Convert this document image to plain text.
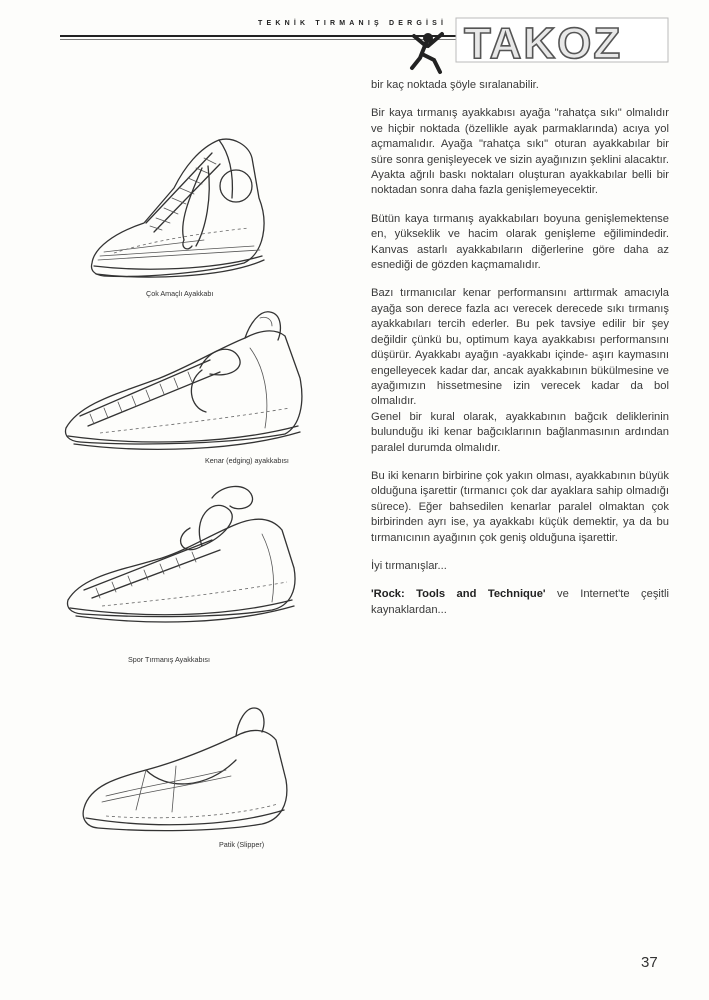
TEKNİK TIRMANIŞ DERGİSİ TAKOZ
Çok Amaçlı Ayakkabı
Kenar (edging) ayakkabısı
Spor Tırmanış Ayakkabısı
Patik (Slipper)

bir kaç noktada şöyle sıralanabilir.

Bir kaya tırmanış ayakkabısı ayağa "rahatça sıkı" olmalıdır ve hiçbir noktada (özellikle ayak parmaklarında) acıya yol açmamalıdır. Ayağa "rahatça sıkı" oturan ayakkabılar bir süre sonra genişleyecek ve sizin ayağınızın şeklini alacaktır. Ayakta ağrılı baskı noktaları oluşturan ayakkabılar belli bir noktadan sonra daha fazla genişlemeyecektir.

Bütün kaya tırmanış ayakkabıları boyuna genişlemektense en, yükseklik ve hacim olarak genişleme eğilimindedir. Kanvas astarlı ayakkabıların diğerlerine göre daha az esnediği de gözden kaçmamalıdır.

Bazı tırmanıcılar kenar performansını arttırmak amacıyla ayağa son derece fazla acı verecek derecede sıkı tırmanış ayakkabıları tercih ederler. Bu pek tavsiye edilir bir şey değildir çünkü bu, optimum kaya ayakkabısı performansını düşürür. Ayakkabı ayağın -ayakkabı içinde- aşırı kaymasını engelleyecek kadar dar, ancak ayakkabının bükülmesine ve ayağımızın hissetmesine izin verecek kadar da bol olmalıdır.

Genel bir kural olarak, ayakkabının bağcık deliklerinin bulunduğu iki kenar bağcıklarının bağlanmasının ardından paralel durumda olmalıdır.

Bu iki kenarın birbirine çok yakın olması, ayakkabının büyük olduğuna işarettir (tırmanıcı çok dar ayaklara sahip olmadığı sürece). Eğer bahsedilen kenarlar paralel olmaktan çok birbirinden ayrı ise, ya ayakkabı küçük demektir, ya da bu tırmanıcının ayağının çok geniş olduğuna işarettir.

İyi tırmanışlar...

'Rock: Tools and Technique' ve Internet'te çeşitli kaynaklardan...

37
